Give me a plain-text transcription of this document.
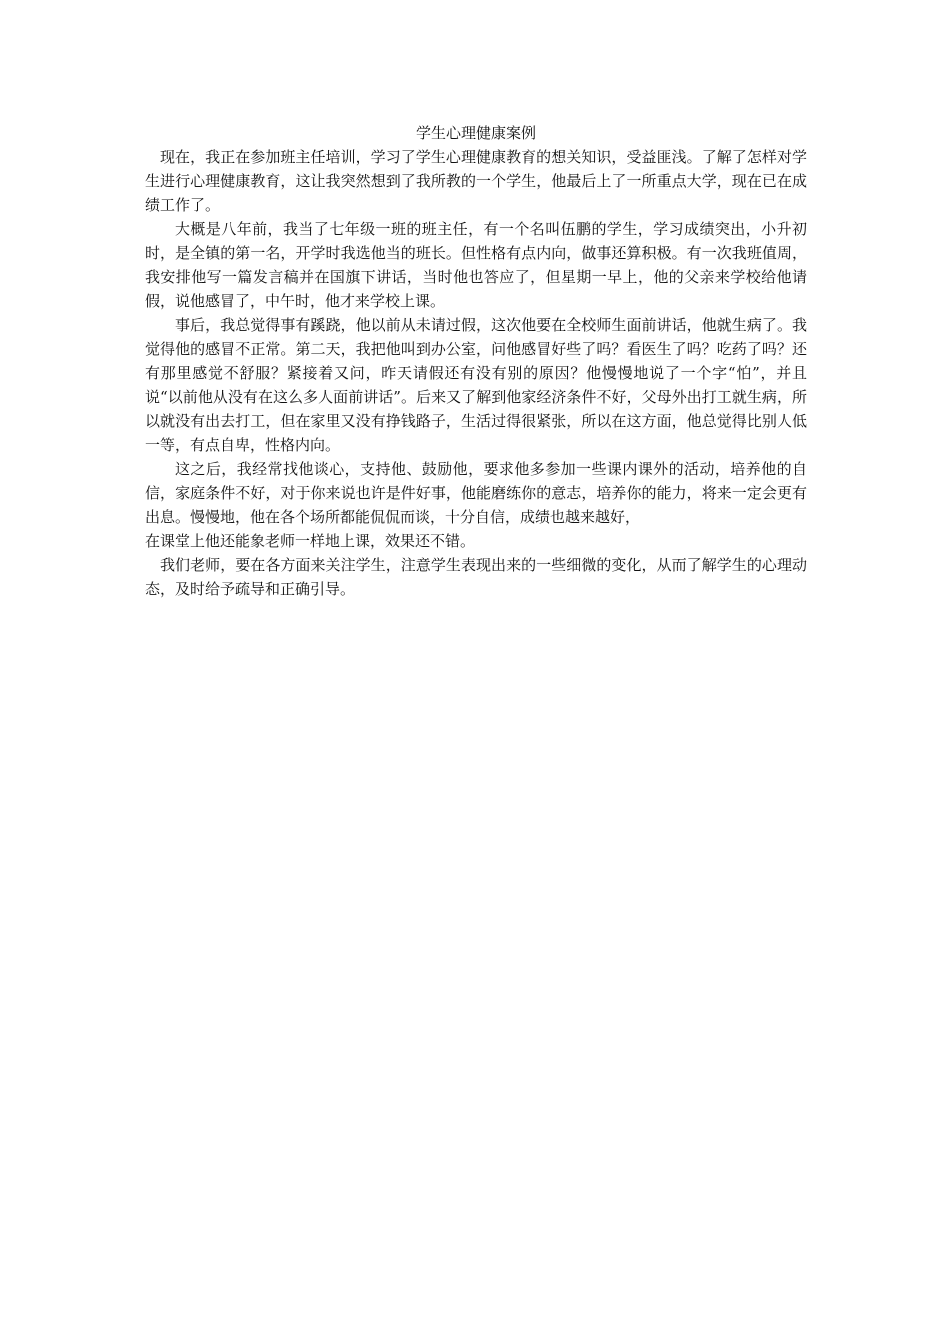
学生心理健康案例

现在，我正在参加班主任培训，学习了学生心理健康教育的想关知识，受益匪浅。了解了怎样对学生进行心理健康教育，这让我突然想到了我所教的一个学生，他最后上了一所重点大学，现在已在成绩工作了。

大概是八年前，我当了七年级一班的班主任，有一个名叫伍鹏的学生，学习成绩突出，小升初时，是全镇的第一名，开学时我选他当的班长。但性格有点内向，做事还算积极。有一次我班值周，我安排他写一篇发言稿并在国旗下讲话，当时他也答应了，但星期一早上，他的父亲来学校给他请假，说他感冒了，中午时，他才来学校上课。

事后，我总觉得事有蹊跷，他以前从未请过假，这次他要在全校师生面前讲话，他就生病了。我觉得他的感冒不正常。第二天，我把他叫到办公室，问他感冒好些了吗？看医生了吗？吃药了吗？还有那里感觉不舒服？紧接着又问，昨天请假还有没有别的原因？他慢慢地说了一个字“怕”，并且说“以前他从没有在这么多人面前讲话”。后来又了解到他家经济条件不好，父母外出打工就生病，所以就没有出去打工，但在家里又没有挣钱路子，生活过得很紧张，所以在这方面，他总觉得比别人低一等，有点自卑，性格内向。

这之后，我经常找他谈心，支持他、鼓励他，要求他多参加一些课内课外的活动，培养他的自信，家庭条件不好，对于你来说也许是件好事，他能磨练你的意志，培养你的能力，将来一定会更有出息。慢慢地，他在各个场所都能侃侃而谈，十分自信，成绩也越来越好，

在课堂上他还能象老师一样地上课，效果还不错。

我们老师，要在各方面来关注学生，注意学生表现出来的一些细微的变化，从而了解学生的心理动态，及时给予疏导和正确引导。
